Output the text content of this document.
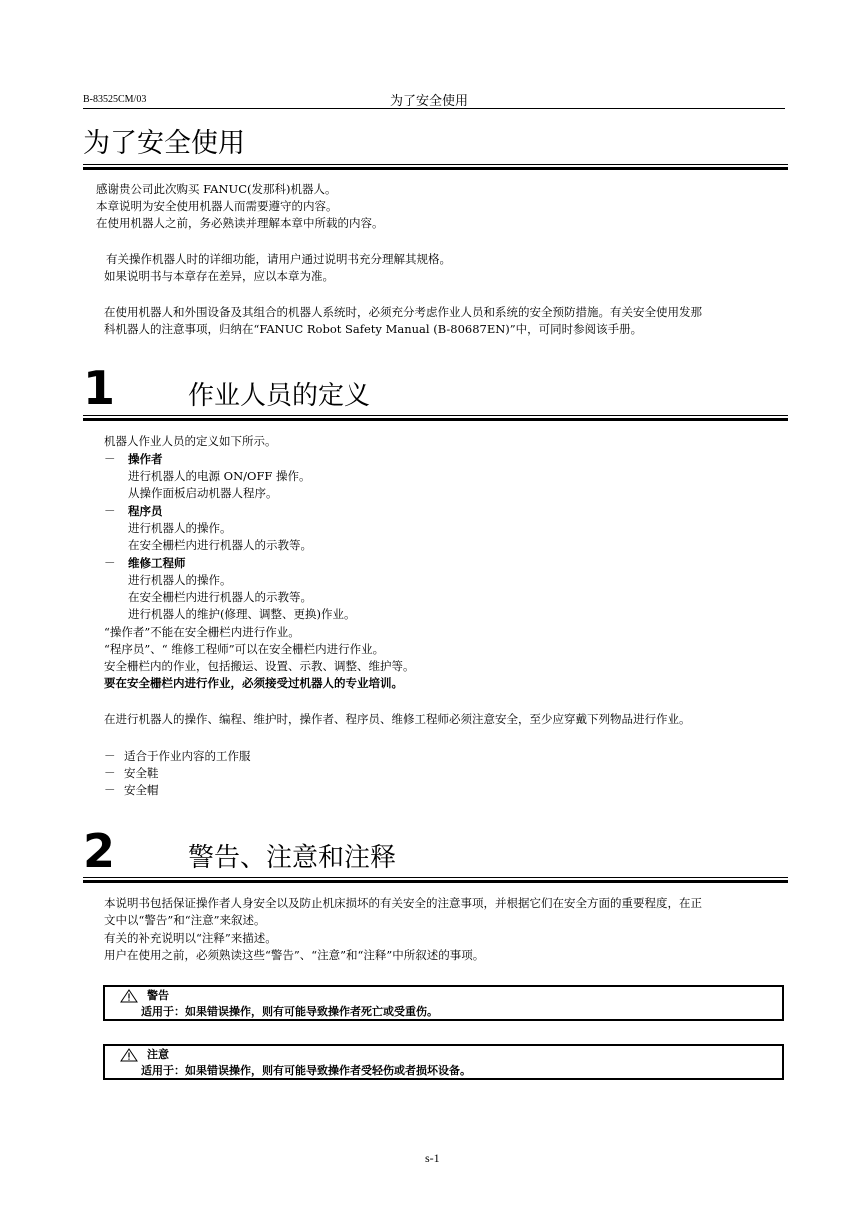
B-83525CM/03	为了安全使用
为了安全使用
感谢贵公司此次购买 FANUC(发那科)机器人。
本章说明为安全使用机器人而需要遵守的内容。
在使用机器人之前，务必熟读并理解本章中所载的内容。
有关操作机器人时的详细功能，请用户通过说明书充分理解其规格。
如果说明书与本章存在差异，应以本章为准。
在使用机器人和外围设备及其组合的机器人系统时，必须充分考虑作业人员和系统的安全预防措施。有关安全使用发那
科机器人的注意事项，归纳在“FANUC Robot Safety Manual (B-80687EN)”中，可同时参阅该手册。
1	作业人员的定义
机器人作业人员的定义如下所示。
－ 操作者
进行机器人的电源 ON/OFF 操作。
从操作面板启动机器人程序。
－ 程序员
进行机器人的操作。
在安全栅栏内进行机器人的示教等。
－ 维修工程师
进行机器人的操作。
在安全栅栏内进行机器人的示教等。
进行机器人的维护(修理、调整、更换)作业。
“操作者”不能在安全栅栏内进行作业。
“程序员”、“ 维修工程师”可以在安全栅栏内进行作业。
安全栅栏内的作业，包括搬运、设置、示教、调整、维护等。
要在安全栅栏内进行作业，必须接受过机器人的专业培训。
在进行机器人的操作、编程、维护时，操作者、程序员、维修工程师必须注意安全，至少应穿戴下列物品进行作业。
－ 适合于作业内容的工作服
－ 安全鞋
－ 安全帽
2	警告、注意和注释
本说明书包括保证操作者人身安全以及防止机床损坏的有关安全的注意事项，并根据它们在安全方面的重要程度，在正
文中以“警告”和“注意”来叙述。
有关的补充说明以“注释”来描述。
用户在使用之前，必须熟读这些“警告”、“注意”和“注释”中所叙述的事项。
警告
适用于：如果错误操作，则有可能导致操作者死亡或受重伤。
注意
适用于：如果错误操作，则有可能导致操作者受轻伤或者损坏设备。
s-1
